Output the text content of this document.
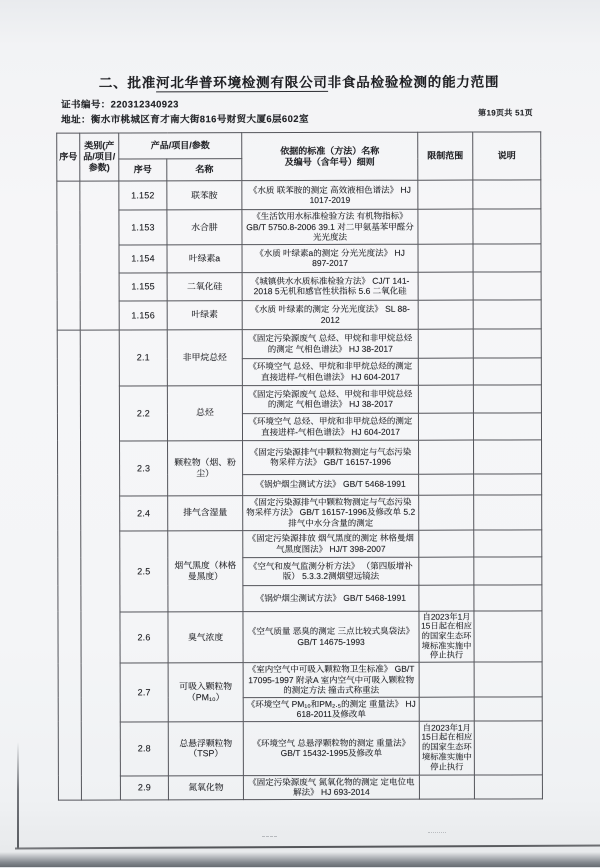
二、批准河北华普环境检测有限公司非食品检验检测的能力范围
证书编号：220312340923
地址：衡水市桃城区育才南大街816号财贸大厦6层602室
第19页共 51页
序号	类别(产品/项目/参数)	产品/项目/参数		依据的标准（方法）名称
及编号（含年号）细则	限制范围	说明
		序号	名称			
		1.152	联苯胺	《水质 联苯胺的测定 高效液相色谱法》 HJ 1017-2019		
		1.153	水合肼	《生活饮用水标准检验方法 有机物指标》 GB/T 5750.8-2006 39.1 对二甲氨基苯甲醛分光光度法		
		1.154	叶绿素a	《水质 叶绿素a的测定 分光光度法》 HJ 897-2017		
		1.155	二氧化硅	《城镇供水水质标准检验方法》 CJ/T 141-2018 5无机和感官性状指标 5.6 二氧化硅		
		1.156	叶绿素	《水质 叶绿素的测定 分光光度法》 SL 88-2012		
		2.1	非甲烷总烃	《固定污染源废气 总烃、甲烷和非甲烷总烃的测定 气相色谱法》 HJ 38-2017		
				《环境空气 总烃、甲烷和非甲烷总烃的测定 直接进样-气相色谱法》 HJ 604-2017		
		2.2	总烃	《固定污染源废气 总烃、甲烷和非甲烷总烃的测定 气相色谱法》 HJ 38-2017		
				《环境空气 总烃、甲烷和非甲烷总烃的测定 直接进样-气相色谱法》 HJ 604-2017		
		2.3	颗粒物（烟、粉尘）	《固定污染源排气中颗粒物测定与气态污染物采样方法》 GB/T 16157-1996		
				《锅炉烟尘测试方法》 GB/T 5468-1991		
		2.4	排气含湿量	《固定污染源排气中颗粒物测定与气态污染物采样方法》 GB/T 16157-1996及修改单 5.2排气中水分含量的测定		
		2.5	烟气黑度（林格曼黑度）	《固定污染源排放 烟气黑度的测定 林格曼烟气黑度图法》 HJ/T 398-2007		
				《空气和废气监测分析方法》 （第四版增补版） 5.3.3.2测烟望远镜法		
				《锅炉烟尘测试方法》 GB/T 5468-1991		
		2.6	臭气浓度	《空气质量 恶臭的测定 三点比较式臭袋法》 GB/T 14675-1993	自2023年1月15日起在相应的国家生态环境标准实施中停止执行	
		2.7	可吸入颗粒物（PM₁₀）	《室内空气中可吸入颗粒物卫生标准》 GB/T 17095-1997 附录A 室内空气中可吸入颗粒物的测定方法 撞击式称重法		
				《环境空气 PM₁₀和PM₂.₅的测定 重量法》 HJ 618-2011及修改单		
		2.8	总悬浮颗粒物（TSP）	《环境空气 总悬浮颗粒物的测定 重量法》 GB/T 15432-1995及修改单	自2023年1月15日起在相应的国家生态环境标准实施中停止执行	
		2.9	氮氧化物	《固定污染源废气 氮氧化物的测定 定电位电解法》 HJ 693-2014		
